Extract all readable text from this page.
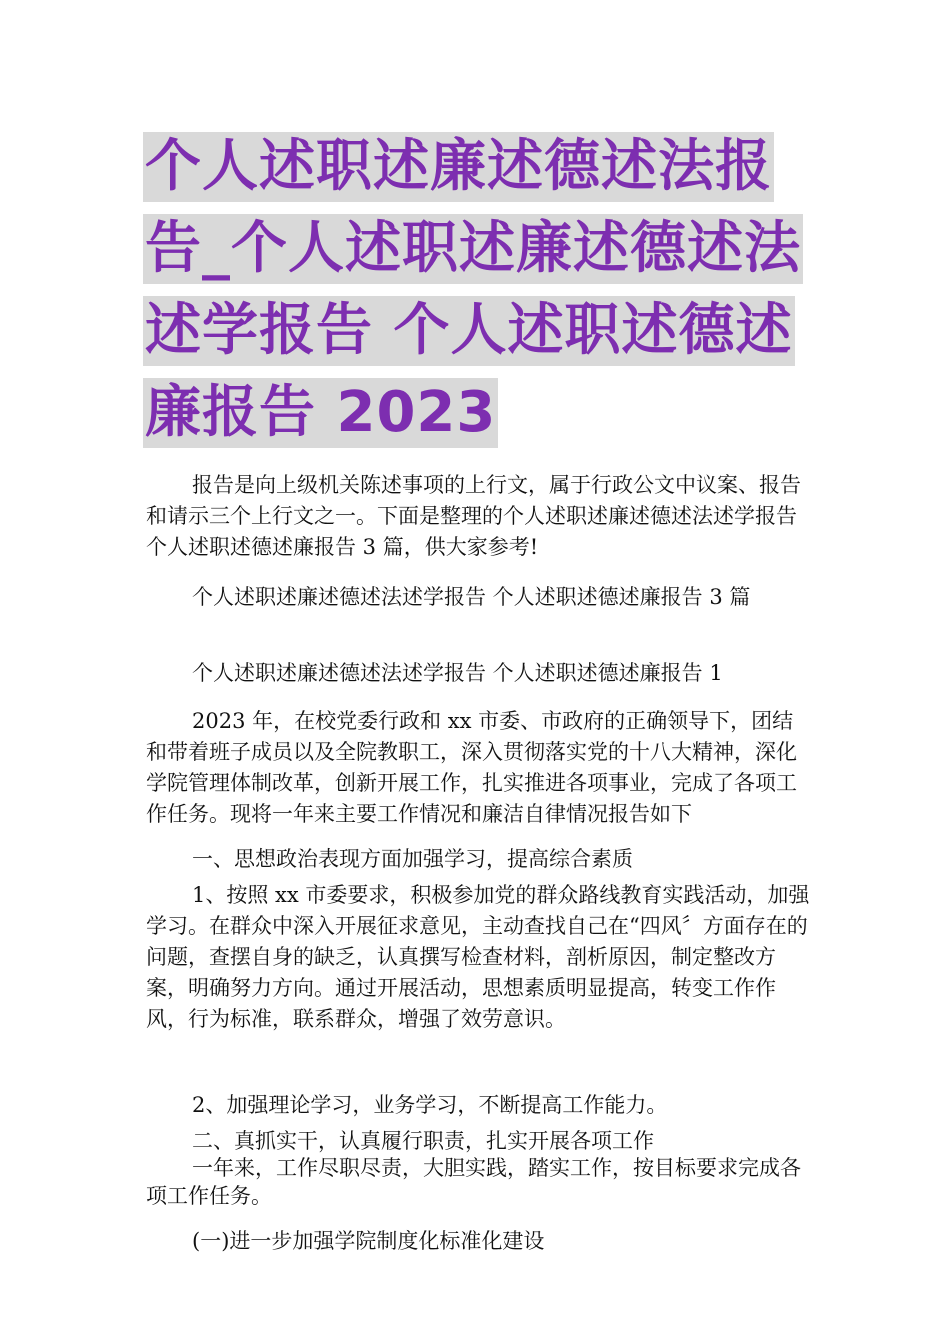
个人述职述廉述德述法报
告_个人述职述廉述德述法
述学报告 个人述职述德述
廉报告 2023

报告是向上级机关陈述事项的上行文，属于行政公文中议案、报告和请示三个上行文之一。下面是整理的个人述职述廉述德述法述学报告 个人述职述德述廉报告 3 篇，供大家参考!

个人述职述廉述德述法述学报告 个人述职述德述廉报告 3 篇

个人述职述廉述德述法述学报告 个人述职述德述廉报告 1

2023 年，在校党委行政和 xx 市委、市政府的正确领导下，团结和带着班子成员以及全院教职工，深入贯彻落实党的十八大精神，深化学院管理体制改革，创新开展工作，扎实推进各项事业，完成了各项工作任务。现将一年来主要工作情况和廉洁自律情况报告如下

一、思想政治表现方面加强学习，提高综合素质

1、按照 xx 市委要求，积极参加党的群众路线教育实践活动，加强学习。在群众中深入开展征求意见，主动查找自己在“四风〞方面存在的问题，查摆自身的缺乏，认真撰写检查材料，剖析原因，制定整改方案，明确努力方向。通过开展活动，思想素质明显提高，转变工作作风，行为标准，联系群众，增强了效劳意识。

2、加强理论学习，业务学习，不断提高工作能力。

二、真抓实干，认真履行职责，扎实开展各项工作

一年来，工作尽职尽责，大胆实践，踏实工作，按目标要求完成各项工作任务。

(一)进一步加强学院制度化标准化建设
